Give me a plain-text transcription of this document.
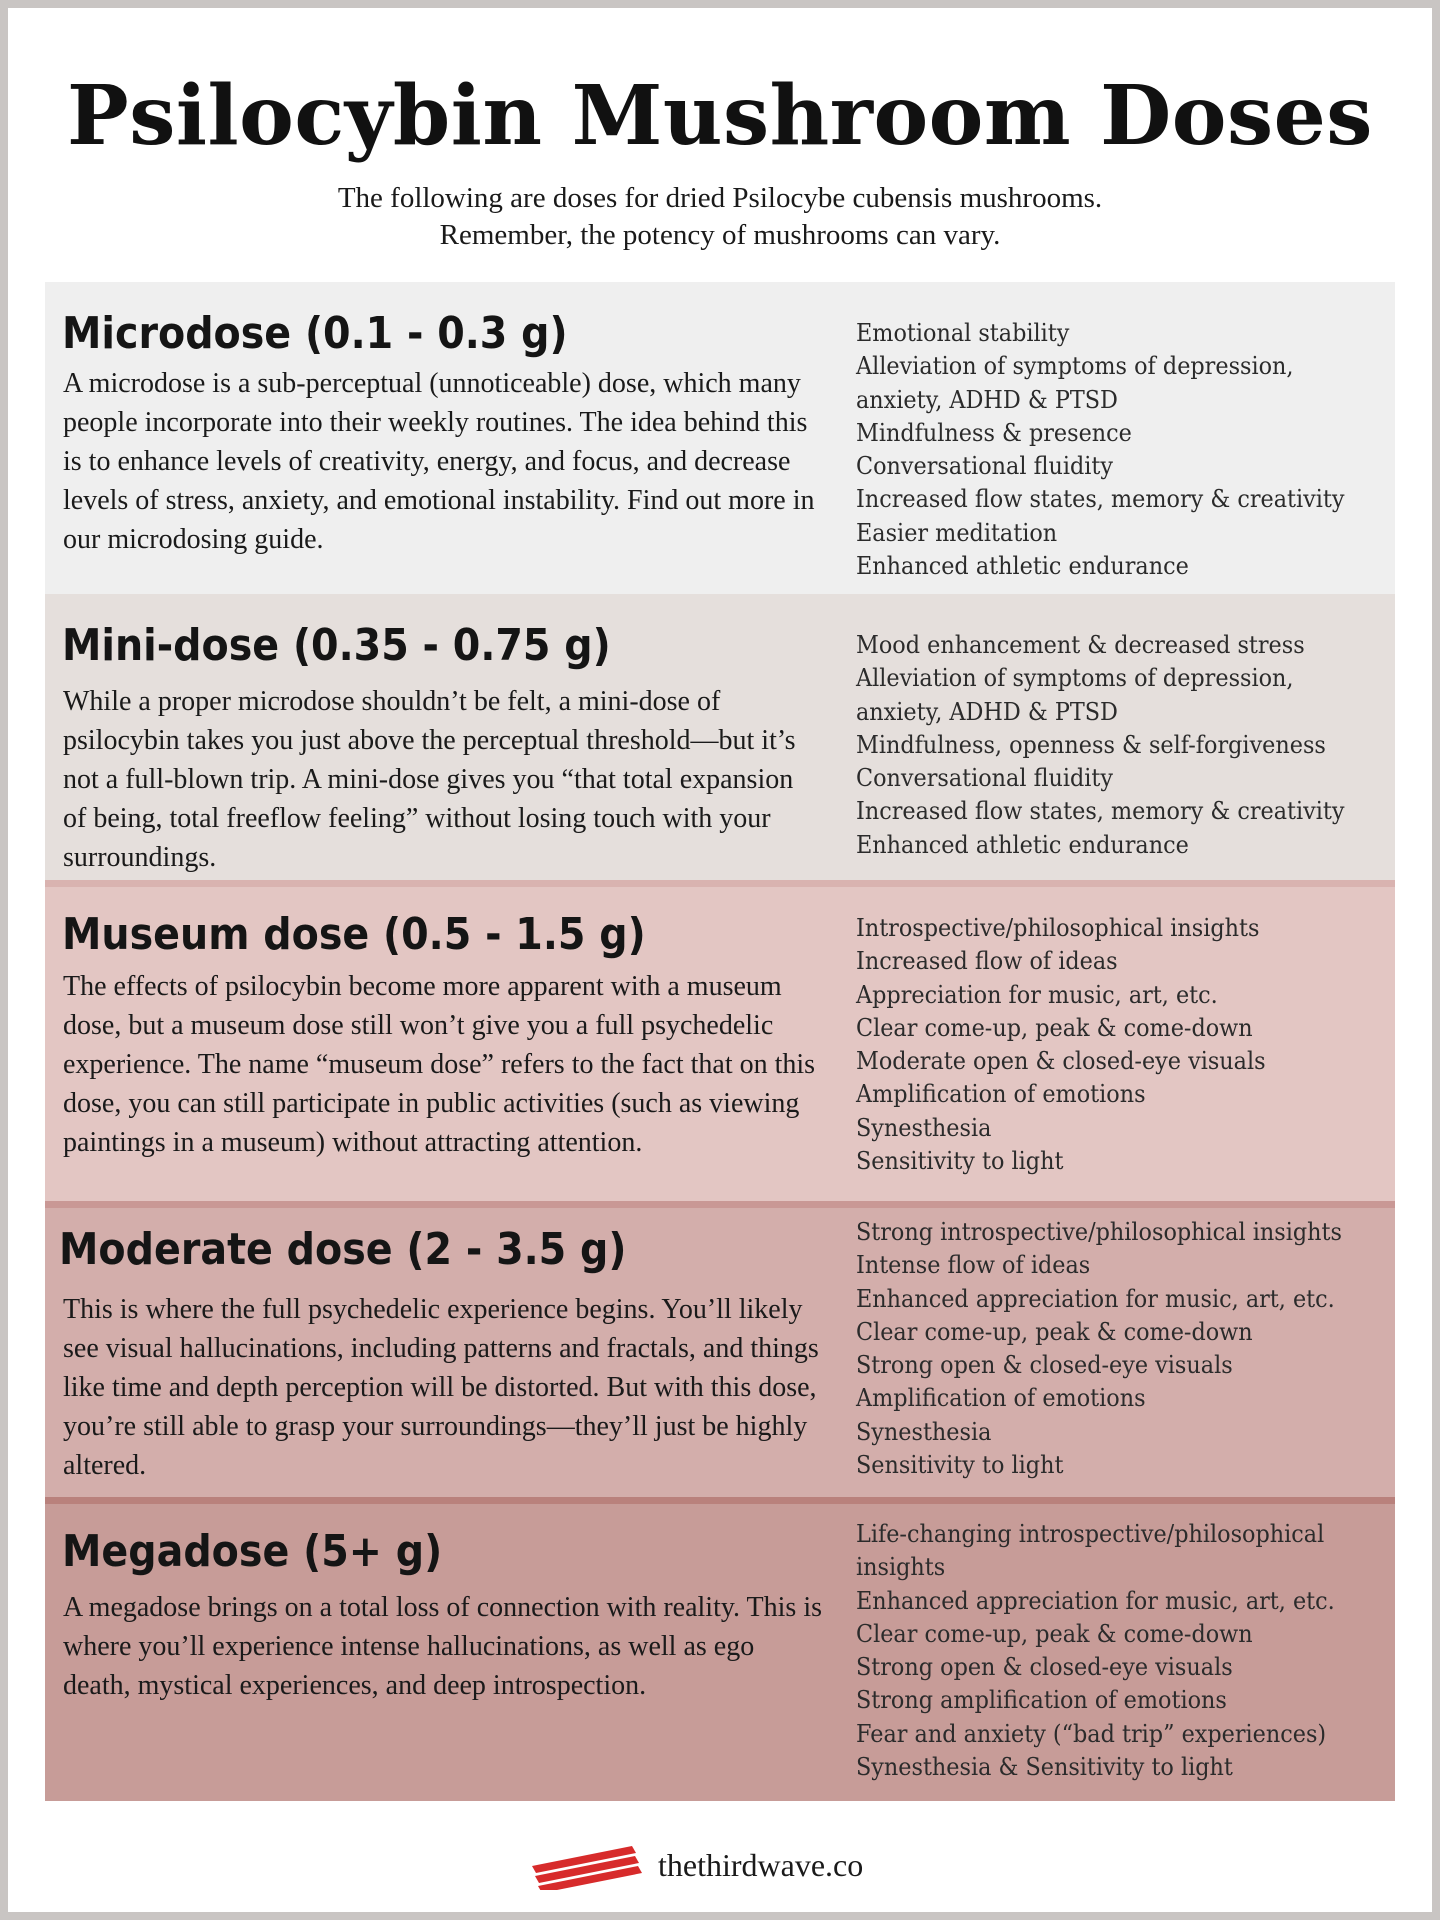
Psilocybin Mushroom Doses
The following are doses for dried Psilocybe cubensis mushrooms.
Remember, the potency of mushrooms can vary.
Microdose (0.1 - 0.3 g)

A microdose is a sub-perceptual (unnoticeable) dose, which many people incorporate into their weekly routines. The idea behind this is to enhance levels of creativity, energy, and focus, and decrease levels of stress, anxiety, and emotional instability. Find out more in our microdosing guide.

Emotional stability
Alleviation of symptoms of depression,
anxiety, ADHD & PTSD
Mindfulness & presence
Conversational fluidity
Increased flow states, memory & creativity
Easier meditation
Enhanced athletic endurance
Mini-dose (0.35 - 0.75 g)

While a proper microdose shouldn’t be felt, a mini-dose of psilocybin takes you just above the perceptual threshold—but it’s not a full-blown trip. A mini-dose gives you “that total expansion of being, total freeflow feeling” without losing touch with your surroundings.

Mood enhancement & decreased stress
Alleviation of symptoms of depression,
anxiety, ADHD & PTSD
Mindfulness, openness & self-forgiveness
Conversational fluidity
Increased flow states, memory & creativity
Enhanced athletic endurance
Museum dose (0.5 - 1.5 g)

The effects of psilocybin become more apparent with a museum dose, but a museum dose still won’t give you a full psychedelic experience. The name “museum dose” refers to the fact that on this dose, you can still participate in public activities (such as viewing paintings in a museum) without attracting attention.

Introspective/philosophical insights
Increased flow of ideas
Appreciation for music, art, etc.
Clear come-up, peak & come-down
Moderate open & closed-eye visuals
Amplification of emotions
Synesthesia
Sensitivity to light
Moderate dose (2 - 3.5 g)

This is where the full psychedelic experience begins. You’ll likely see visual hallucinations, including patterns and fractals, and things like time and depth perception will be distorted. But with this dose, you’re still able to grasp your surroundings—they’ll just be highly altered.

Strong introspective/philosophical insights
Intense flow of ideas
Enhanced appreciation for music, art, etc.
Clear come-up, peak & come-down
Strong open & closed-eye visuals
Amplification of emotions
Synesthesia
Sensitivity to light
Megadose (5+ g)

A megadose brings on a total loss of connection with reality. This is where you’ll experience intense hallucinations, as well as ego death, mystical experiences, and deep introspection.

Life-changing introspective/philosophical
insights
Enhanced appreciation for music, art, etc.
Clear come-up, peak & come-down
Strong open & closed-eye visuals
Strong amplification of emotions
Fear and anxiety (“bad trip” experiences)
Synesthesia & Sensitivity to light
thethirdwave.co
